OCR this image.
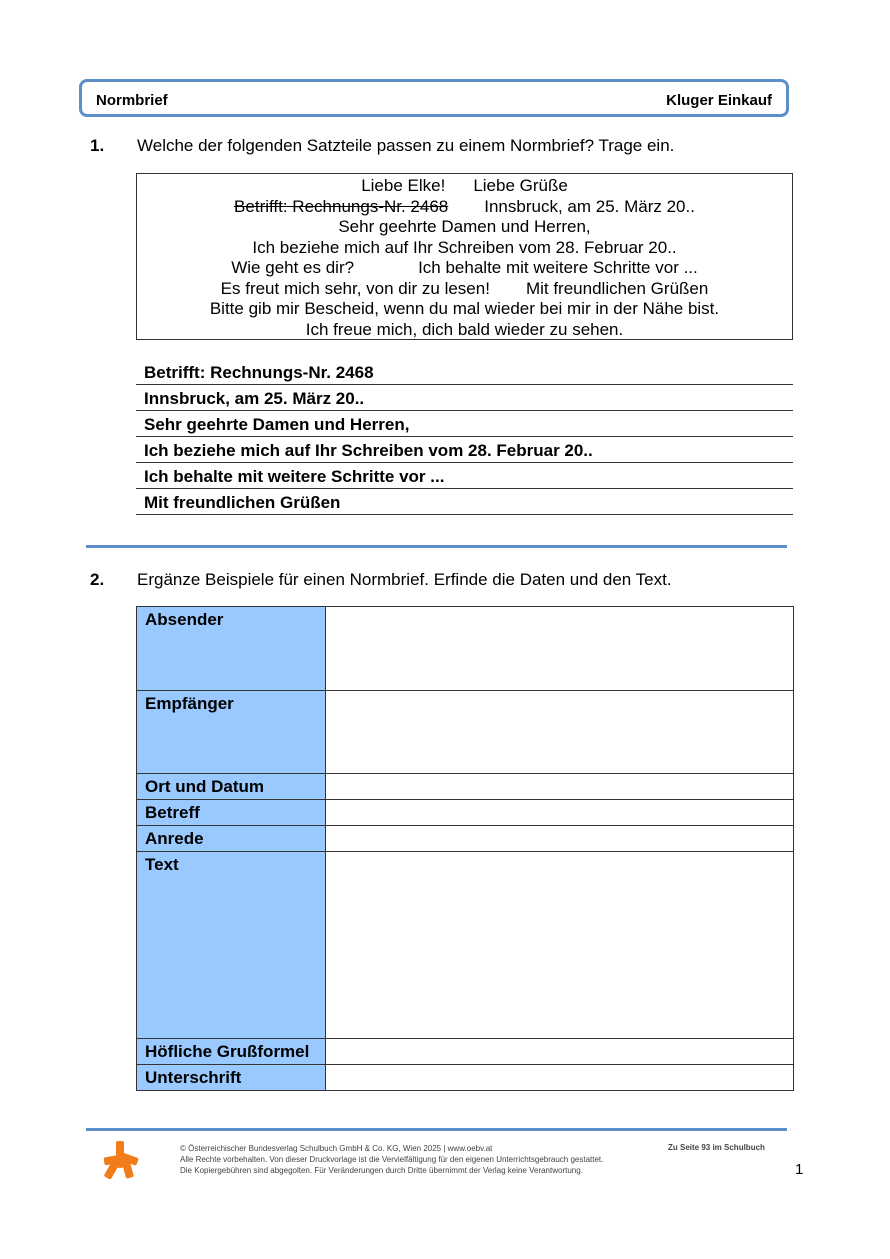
Normbrief	Kluger Einkauf
1. Welche der folgenden Satzteile passen zu einem Normbrief? Trage ein.
Liebe Elke! Liebe Grüße
Betrifft: Rechnungs-Nr. 2468 Innsbruck, am 25. März 20..
Sehr geehrte Damen und Herren,
Ich beziehe mich auf Ihr Schreiben vom 28. Februar 20..
Wie geht es dir?	Ich behalte mit weitere Schritte vor ...
Es freut mich sehr, von dir zu lesen! Mit freundlichen Grüßen
Bitte gib mir Bescheid, wenn du mal wieder bei mir in der Nähe bist.
Ich freue mich, dich bald wieder zu sehen.
Betrifft: Rechnungs-Nr. 2468
Innsbruck, am 25. März 20..
Sehr geehrte Damen und Herren,
Ich beziehe mich auf Ihr Schreiben vom 28. Februar 20..
Ich behalte mit weitere Schritte vor ...
Mit freundlichen Grüßen
2. Ergänze Beispiele für einen Normbrief. Erfinde die Daten und den Text.
Absender	
Empfänger	
Ort und Datum	
Betreff	
Anrede	
Text	
Höfliche Grußformel	
Unterschrift	
© Österreichischer Bundesverlag Schulbuch GmbH & Co. KG, Wien 2025 | www.oebv.at
Alle Rechte vorbehalten. Von dieser Druckvorlage ist die Vervielfältigung für den eigenen Unterrichtsgebrauch gestattet.
Die Kopiergebühren sind abgegolten. Für Veränderungen durch Dritte übernimmt der Verlag keine Verantwortung.
Zu Seite 93 im Schulbuch
1
